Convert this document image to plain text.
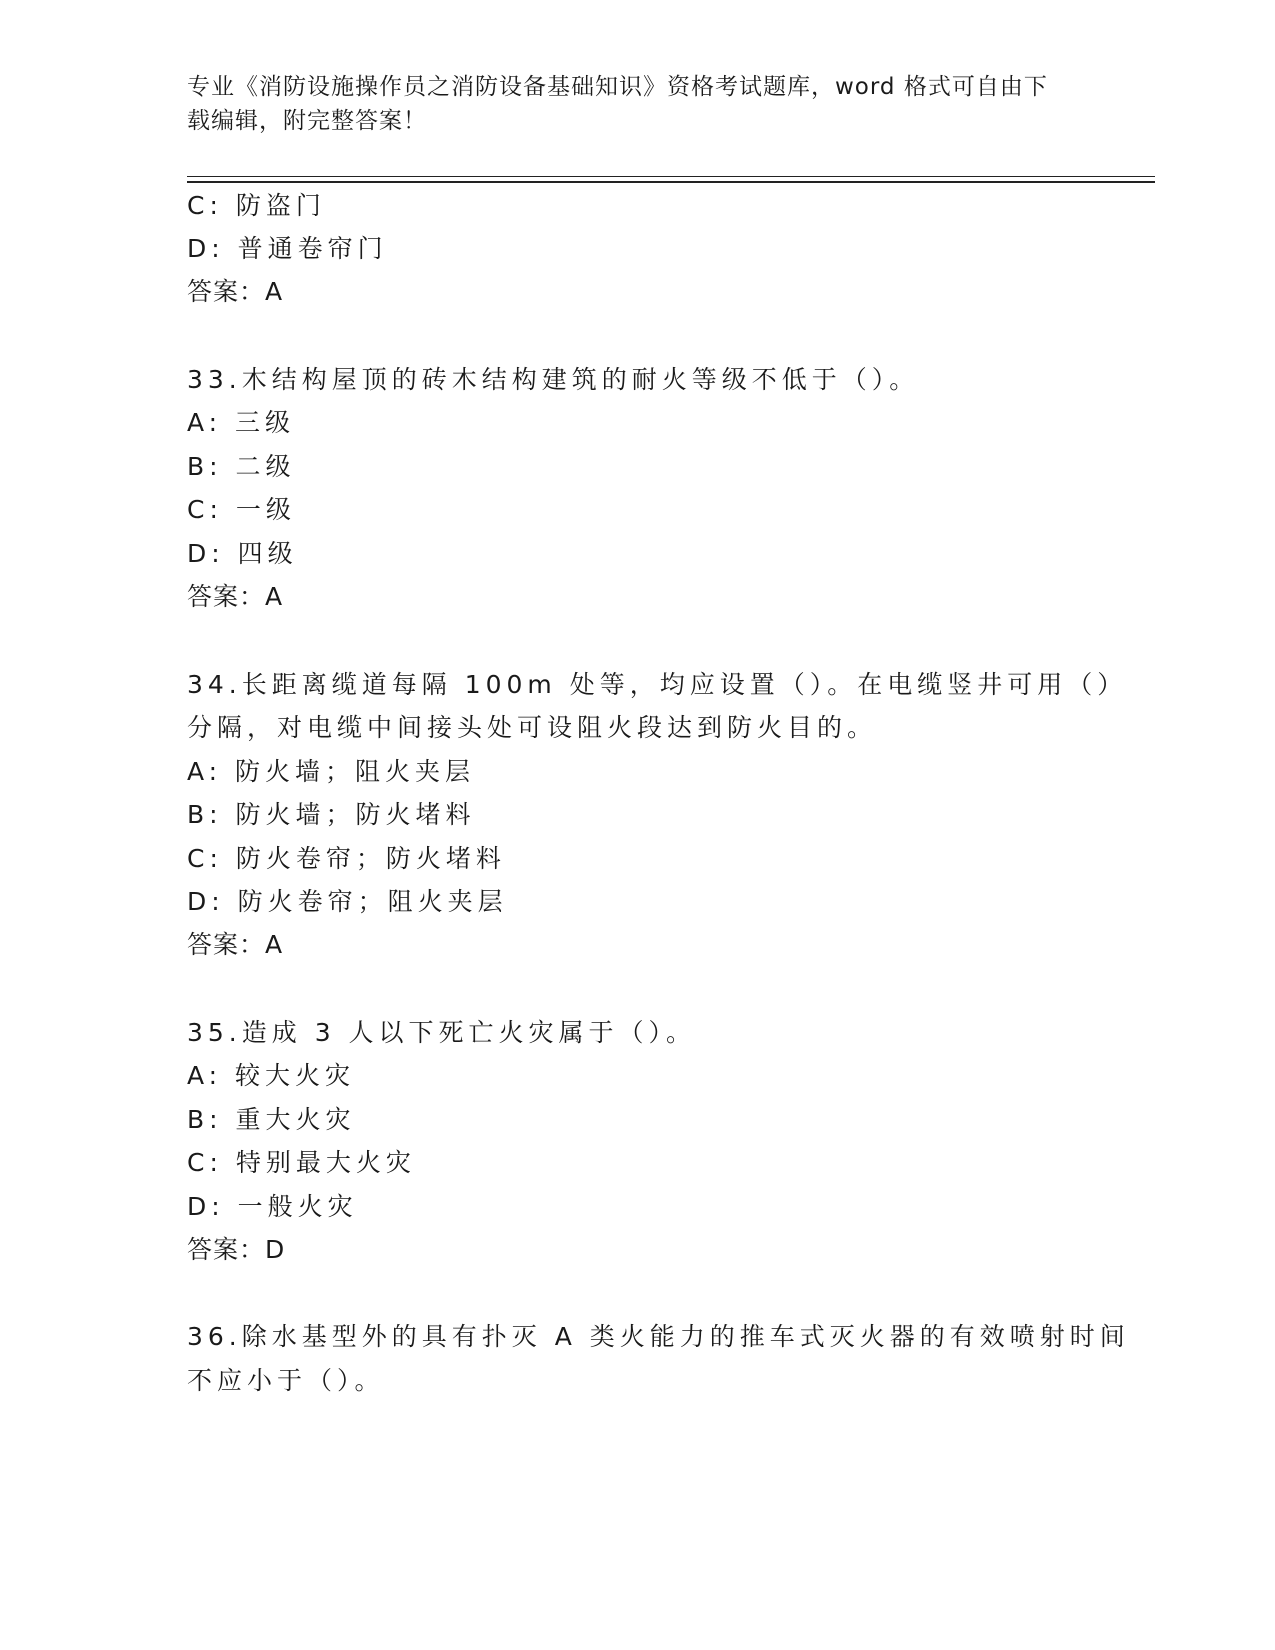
专业《消防设施操作员之消防设备基础知识》资格考试题库，word 格式可自由下
载编辑，附完整答案！
C: 防盗门
D: 普通卷帘门
答案：A
33.木结构屋顶的砖木结构建筑的耐火等级不低于（）。
A: 三级
B: 二级
C: 一级
D: 四级
答案：A
34.长距离缆道每隔 100m 处等，均应设置（）。在电缆竖井可用（）
分隔，对电缆中间接头处可设阻火段达到防火目的。
A: 防火墙；阻火夹层
B: 防火墙；防火堵料
C: 防火卷帘；防火堵料
D: 防火卷帘；阻火夹层
答案：A
35.造成 3 人以下死亡火灾属于（）。
A: 较大火灾
B: 重大火灾
C: 特别最大火灾
D: 一般火灾
答案：D
36.除水基型外的具有扑灭 A 类火能力的推车式灭火器的有效喷射时间
不应小于（）。
